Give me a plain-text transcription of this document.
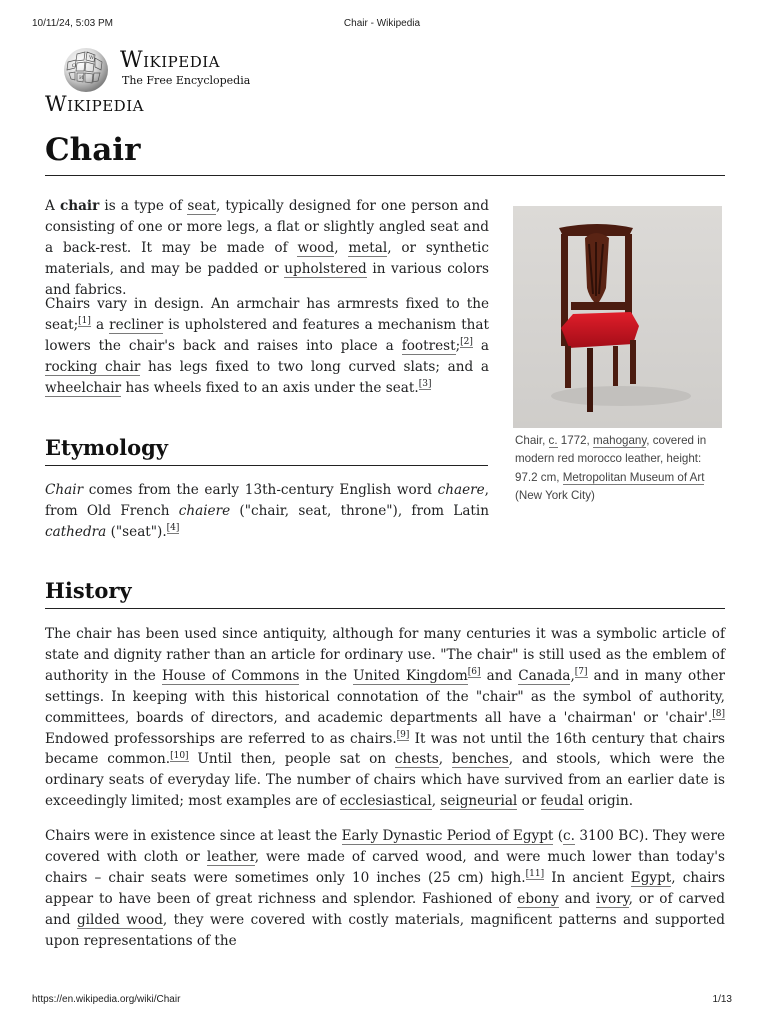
10/11/24, 5:03 PM	Chair - Wikipedia
Ω
W
И
Wikipedia
The Free Encyclopedia
Wikipedia
Chair
A chair is a type of seat, typically designed for one person and consisting of one or more legs, a flat or slightly angled seat and a back-rest. It may be made of wood, metal, or synthetic materials, and may be padded or upholstered in various colors and fabrics.
Chairs vary in design. An armchair has armrests fixed to the seat;[1] a recliner is upholstered and features a mechanism that lowers the chair's back and raises into place a footrest;[2] a rocking chair has legs fixed to two long curved slats; and a wheelchair has wheels fixed to an axis under the seat.[3]
Chair, c. 1772, mahogany, covered in modern red morocco leather, height: 97.2 cm, Metropolitan Museum of Art (New York City)
Etymology
Chair comes from the early 13th-century English word chaere, from Old French chaiere ("chair, seat, throne"), from Latin cathedra ("seat").[4]
History
The chair has been used since antiquity, although for many centuries it was a symbolic article of state and dignity rather than an article for ordinary use. "The chair" is still used as the emblem of authority in the House of Commons in the United Kingdom[6] and Canada,[7] and in many other settings. In keeping with this historical connotation of the "chair" as the symbol of authority, committees, boards of directors, and academic departments all have a 'chairman' or 'chair'.[8] Endowed professorships are referred to as chairs.[9] It was not until the 16th century that chairs became common.[10] Until then, people sat on chests, benches, and stools, which were the ordinary seats of everyday life. The number of chairs which have survived from an earlier date is exceedingly limited; most examples are of ecclesiastical, seigneurial or feudal origin.
Chairs were in existence since at least the Early Dynastic Period of Egypt (c. 3100 BC). They were covered with cloth or leather, were made of carved wood, and were much lower than today's chairs – chair seats were sometimes only 10 inches (25 cm) high.[11] In ancient Egypt, chairs appear to have been of great richness and splendor. Fashioned of ebony and ivory, or of carved and gilded wood, they were covered with costly materials, magnificent patterns and supported upon representations of the
https://en.wikipedia.org/wiki/Chair	1/13
